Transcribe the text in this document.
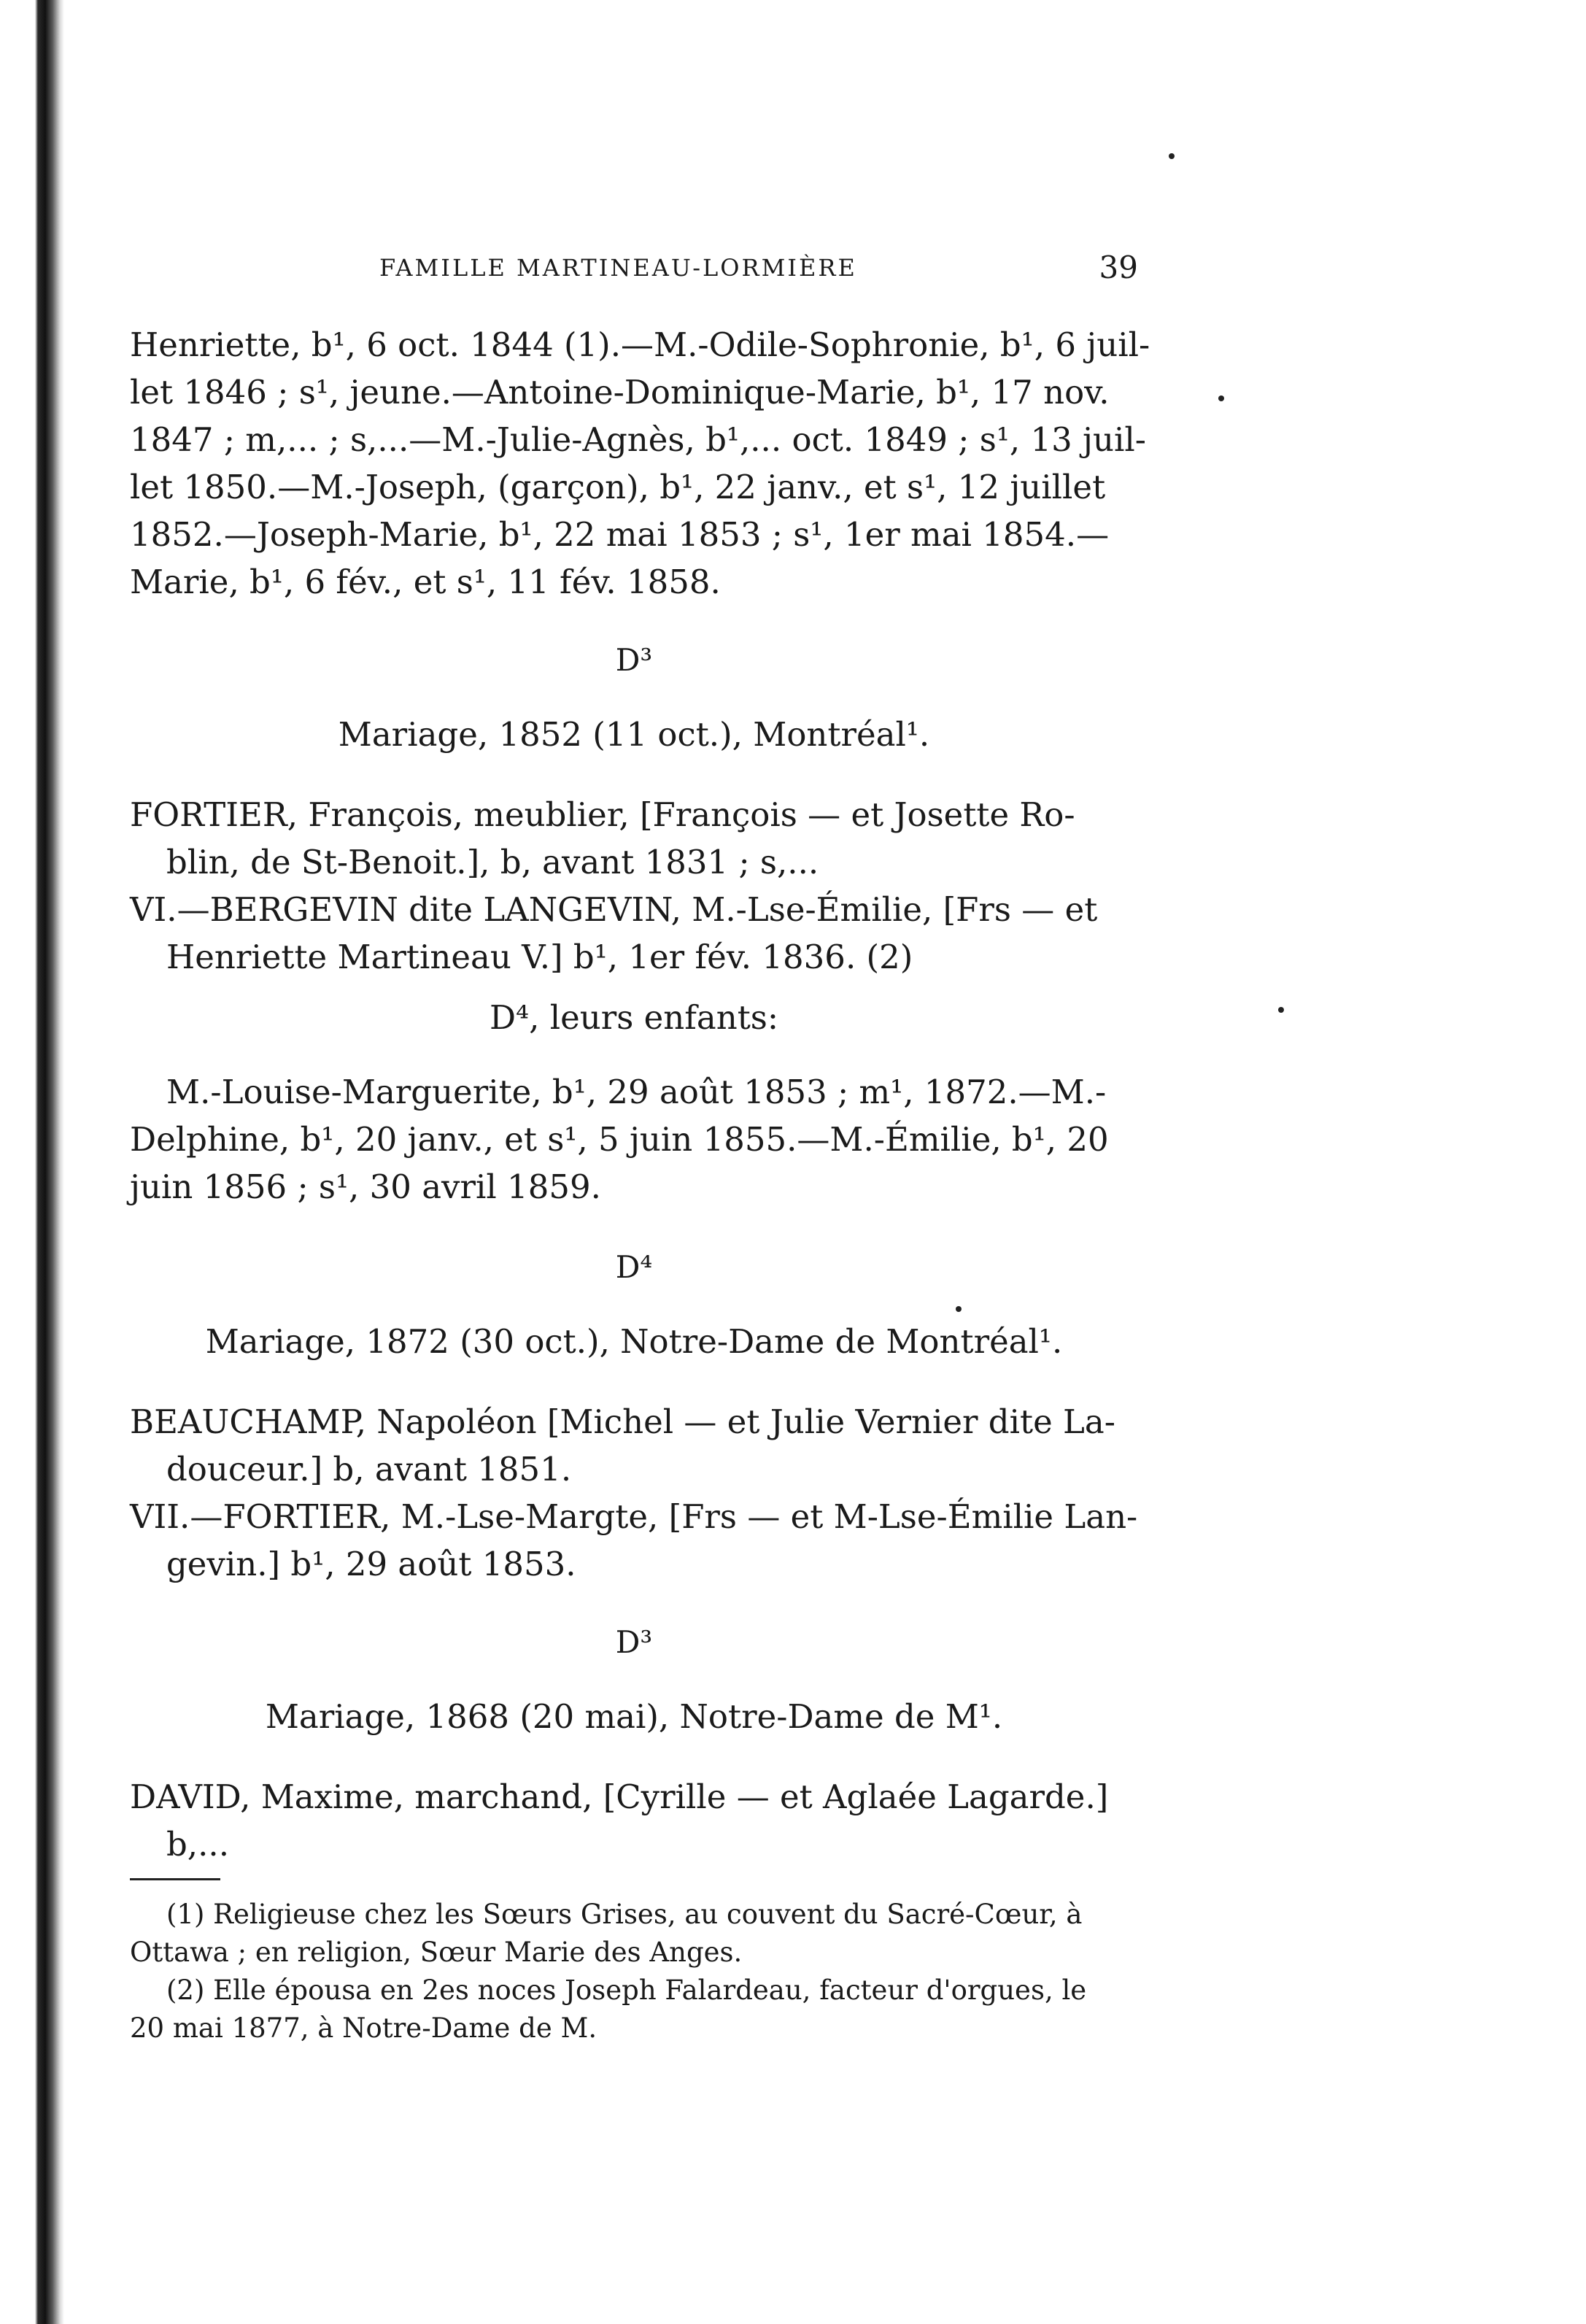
FAMILLE MARTINEAU-LORMIÈRE	39
Henriette, b¹, 6 oct. 1844 (1).—M.-Odile-Sophronie, b¹, 6 juil-
let 1846 ; s¹, jeune.—Antoine-Dominique-Marie, b¹, 17 nov.
1847 ; m,... ; s,...—M.-Julie-Agnès, b¹,... oct. 1849 ; s¹, 13 juil-
let 1850.—M.-Joseph, (garçon), b¹, 22 janv., et s¹, 12 juillet
1852.—Joseph-Marie, b¹, 22 mai 1853 ; s¹, 1er mai 1854.—
Marie, b¹, 6 fév., et s¹, 11 fév. 1858.
D³
Mariage, 1852 (11 oct.), Montréal¹.
FORTIER, François, meublier, [François — et Josette Ro-
blin, de St-Benoit.], b, avant 1831 ; s,...
VI.—BERGEVIN dite LANGEVIN, M.-Lse-Émilie, [Frs — et
Henriette Martineau V.] b¹, 1er fév. 1836. (2)
D⁴, leurs enfants:
M.-Louise-Marguerite, b¹, 29 août 1853 ; m¹, 1872.—M.-
Delphine, b¹, 20 janv., et s¹, 5 juin 1855.—M.-Émilie, b¹, 20
juin 1856 ; s¹, 30 avril 1859.
D⁴
Mariage, 1872 (30 oct.), Notre-Dame de Montréal¹.
BEAUCHAMP, Napoléon [Michel — et Julie Vernier dite La-
douceur.] b, avant 1851.
VII.—FORTIER, M.-Lse-Margte, [Frs — et M-Lse-Émilie Lan-
gevin.] b¹, 29 août 1853.
D³
Mariage, 1868 (20 mai), Notre-Dame de M¹.
DAVID, Maxime, marchand, [Cyrille — et Aglaée Lagarde.]
b,...
(1) Religieuse chez les Sœurs Grises, au couvent du Sacré-Cœur, à
Ottawa ; en religion, Sœur Marie des Anges.
(2) Elle épousa en 2es noces Joseph Falardeau, facteur d'orgues, le
20 mai 1877, à Notre-Dame de M.
